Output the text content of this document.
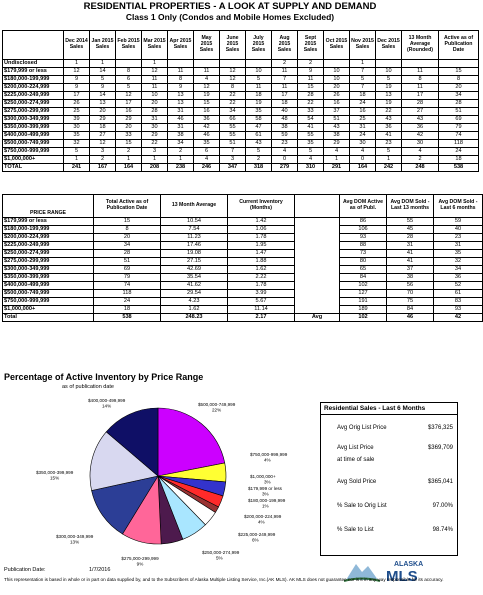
RESIDENTIAL PROPERTIES - A LOOK AT SUPPLY AND DEMAND
Class 1 Only (Condos and Mobile Homes Excluded)
	Dec 2014 Sales	Jan 2015 Sales	Feb 2015 Sales	Mar 2015 Sales	Apr 2015 Sales	May 2015 Sales	June 2015 Sales	July 2015 Sales	Aug 2015 Sales	Sept 2015 Sales	Oct 2015 Sales	Nov 2015 Sales	Dec 2015 Sales	13 Month Average (Rounded)	Active as of Publication Date
Undisclosed	1	1		1					2	2		1			
$179,999 or less	12	14	8	12	11	11	12	10	11	9	10	7	10	11	15
$180,000-199,999	9	5	6	11	8	4	12	5	7	11	10	5	5	8	8
$200,000-224,999	9	9	5	11	9	12	8	11	11	15	20	7	19	11	20
$225,000-249,999	17	14	12	10	13	19	22	18	17	28	26	18	13	17	34
$250,000-274,999	26	13	17	20	13	15	22	19	18	22	16	24	19	28	28
$275,000-299,999	25	20	16	28	31	16	34	35	40	33	37	16	22	27	51
$300,000-349,999	39	29	29	31	46	36	66	58	48	54	51	25	43	43	69
$350,000-399,999	30	18	20	30	31	42	55	47	38	41	43	31	36	36	79
$400,000-499,999	35	27	33	29	38	46	55	61	59	55	38	24	41	42	74
$500,000-749,999	32	12	15	22	34	35	51	43	23	35	29	30	23	30	118
$750,000-999,999	5	3	2	3	2	6	7	5	4	5	4	4	5	4	24
$1,000,000+	1	2	1	1	1	4	3	2	0	4	1	0	1	2	18
TOTAL	241	167	164	208	238	246	347	318	279	310	291	164	242	248	538
PRICE RANGE	Total Active as of Publication Date	13 Month Average	Current Inventory (Months)		Avg DOM Active as of Publ.	Avg DOM Sold - Last 13 months	Avg DOM Sold - Last 6 months
$179,999 or less	15	10.54	1.42		86	55	59
$180,000-199,999	8	7.54	1.06		106	45	40
$200,000-224,999	20	11.23	1.78		93	28	23
$225,000-249,999	34	17.46	1.95		88	31	31
$250,000-274,999	28	19.08	1.47		73	41	35
$275,000-299,999	51	27.15	1.88		80	41	32
$300,000-349,999	69	42.69	1.62		65	37	34
$350,000-399,999	79	35.54	2.22		84	38	36
$400,000-499,999	74	41.62	1.78		102	56	52
$500,000-749,999	118	29.54	3.99		127	70	61
$750,000-999,999	24	4.23	5.67		191	75	83
$1,000,000+	18	1.62	11.14		189	84	93
Total	538	248.23	2.17	Avg	102	46	42
Percentage of Active Inventory by Price Range
as of publication date
$500,000-749,999
22%
$750,000-999,999
4%
$1,000,000+
3%
$179,999 or less
3%
$180,000-199,999
1%
$200,000-224,999
4%
$225,000-249,999
6%
$250,000-274,999
5%
$275,000-299,999
9%
$300,000-349,999
13%
$350,000-399,999
15%
$400,000-499,999
14%	Residential Sales - Last 6 Months
Avg Orig List Price	$376,325
Avg List Price	$369,709
at time of sale
Avg Sold Price	$365,041
% Sale to Orig List	97.00%
% Sale to List	98.74%
ALASKA
MLS
Publication Date:	1/7/2016
This representation is based in whole or in part on data supplied by, and to the Subscribers of Alaska Multiple Listing Service, Inc.(AK MLS). AK MLS does not guarantee nor is it in any way responsible for its accuracy.
